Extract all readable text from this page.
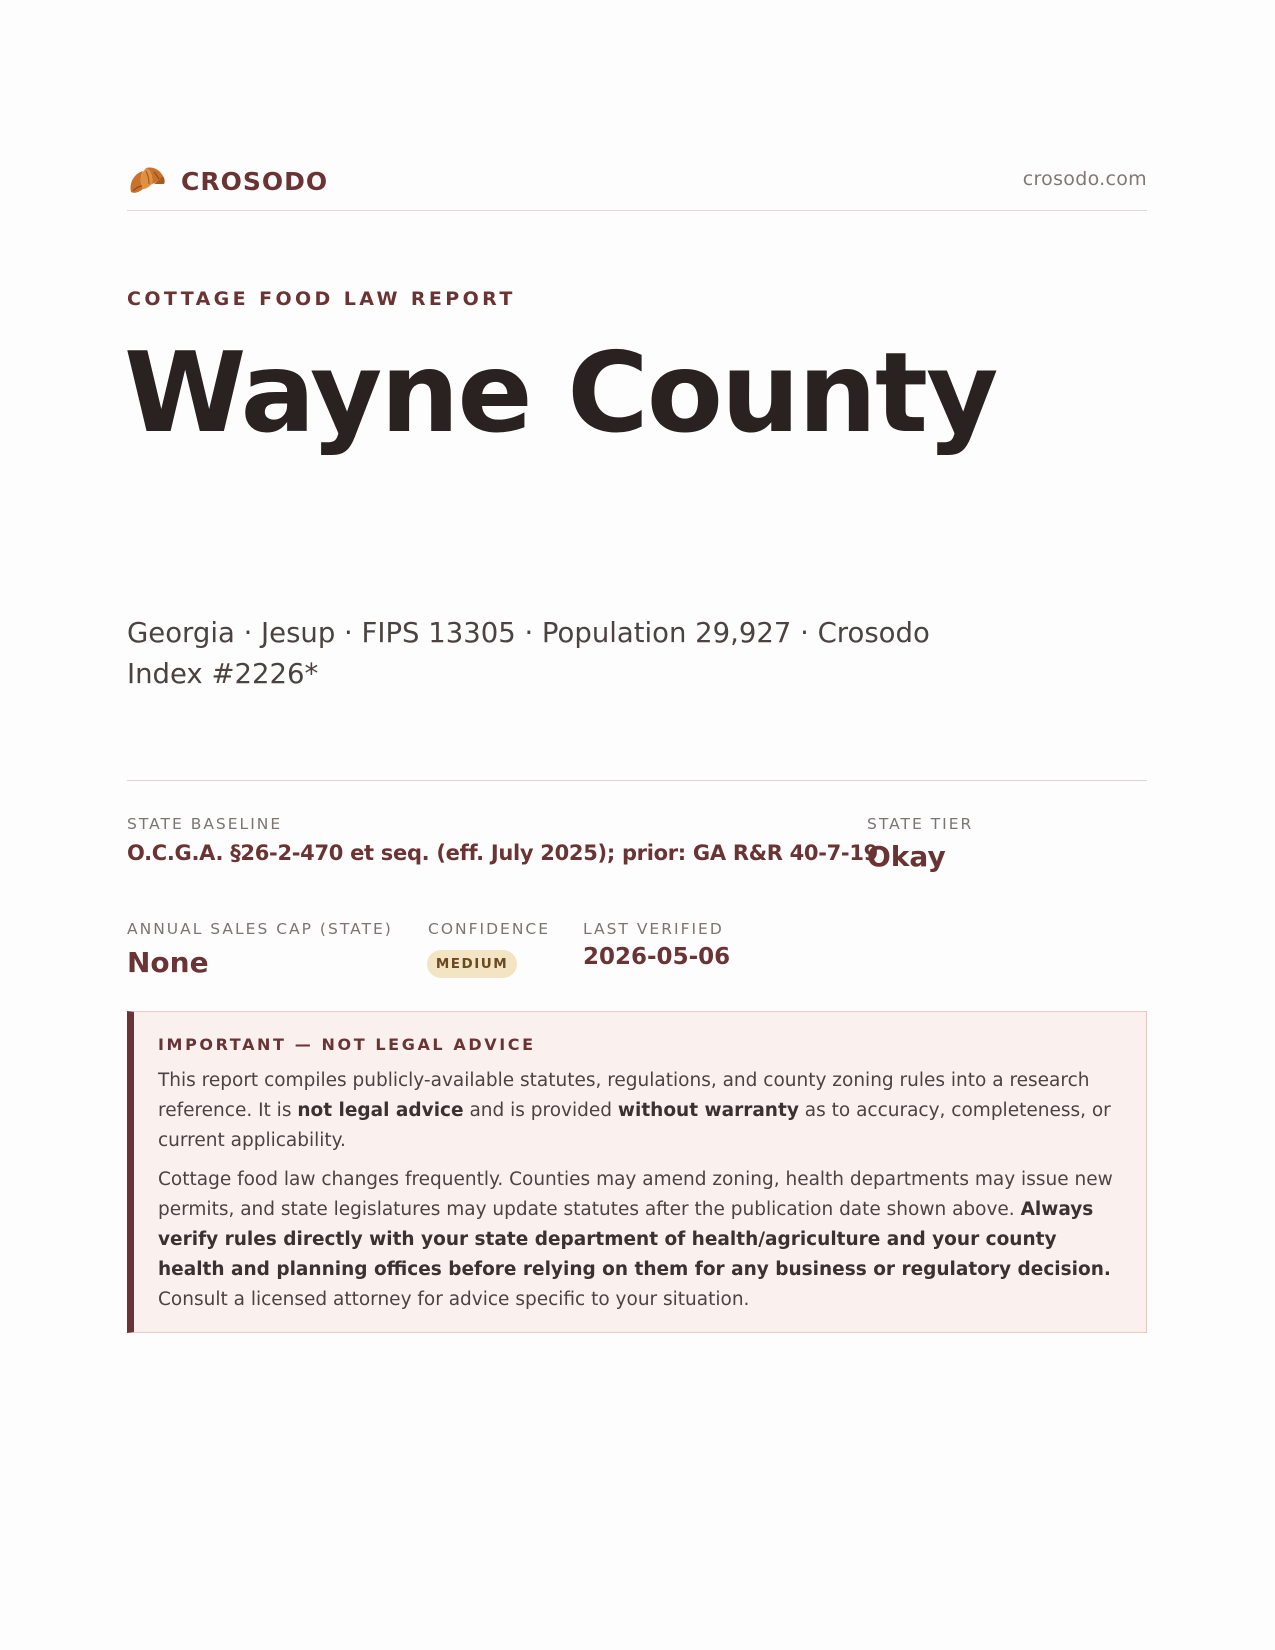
CROSODO	crosodo.com
COTTAGE FOOD LAW REPORT
Wayne County
Georgia · Jesup · FIPS 13305 · Population 29,927 · Crosodo Index #2226*
STATE BASELINE
O.C.G.A. §26-2-470 et seq. (eff. July 2025); prior: GA R&R 40-7-19
STATE TIER
Okay
ANNUAL SALES CAP (STATE)
None
CONFIDENCE
MEDIUM
LAST VERIFIED
2026-05-06
IMPORTANT — NOT LEGAL ADVICE

This report compiles publicly-available statutes, regulations, and county zoning rules into a research reference. It is not legal advice and is provided without warranty as to accuracy, completeness, or current applicability.

Cottage food law changes frequently. Counties may amend zoning, health departments may issue new permits, and state legislatures may update statutes after the publication date shown above. Always verify rules directly with your state department of health/agriculture and your county health and planning offices before relying on them for any business or regulatory decision. Consult a licensed attorney for advice specific to your situation.
